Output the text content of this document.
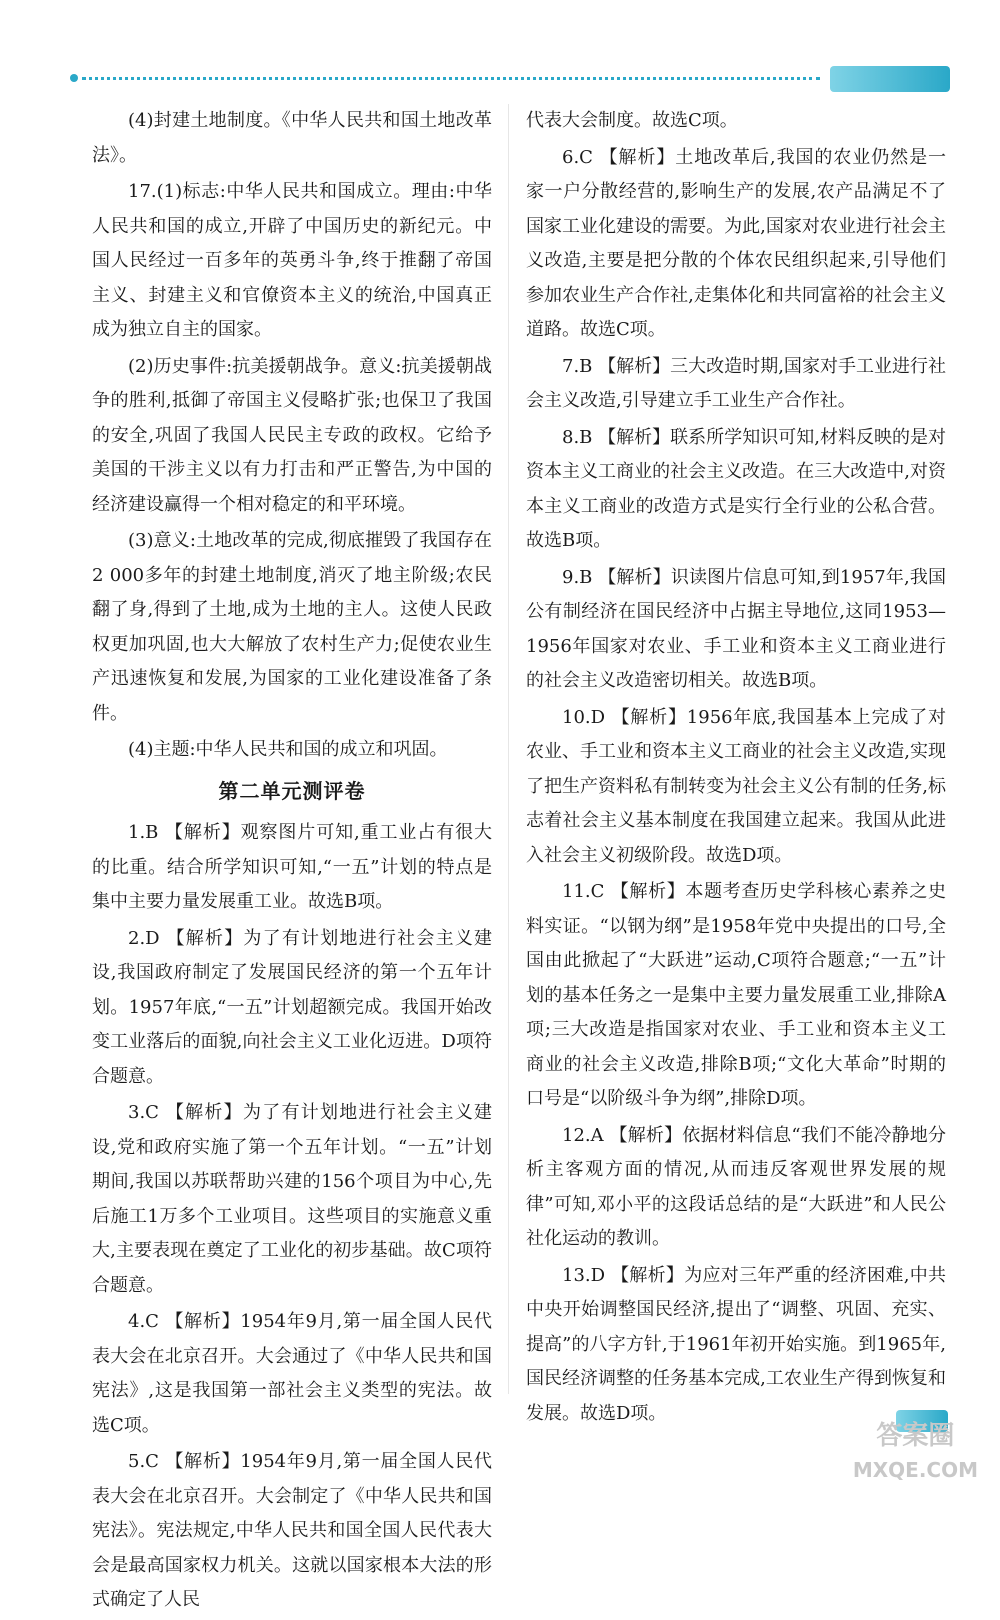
(4)封建土地制度。《中华人民共和国土地改革法》。

17.(1)标志:中华人民共和国成立。理由:中华人民共和国的成立,开辟了中国历史的新纪元。中国人民经过一百多年的英勇斗争,终于推翻了帝国主义、封建主义和官僚资本主义的统治,中国真正成为独立自主的国家。

(2)历史事件:抗美援朝战争。意义:抗美援朝战争的胜利,抵御了帝国主义侵略扩张;也保卫了我国的安全,巩固了我国人民民主专政的政权。它给予美国的干涉主义以有力打击和严正警告,为中国的经济建设赢得一个相对稳定的和平环境。

(3)意义:土地改革的完成,彻底摧毁了我国存在2 000多年的封建土地制度,消灭了地主阶级;农民翻了身,得到了土地,成为土地的主人。这使人民政权更加巩固,也大大解放了农村生产力;促使农业生产迅速恢复和发展,为国家的工业化建设准备了条件。

(4)主题:中华人民共和国的成立和巩固。

第二单元测评卷

1.B 【解析】观察图片可知,重工业占有很大的比重。结合所学知识可知,“一五”计划的特点是集中主要力量发展重工业。故选B项。

2.D 【解析】为了有计划地进行社会主义建设,我国政府制定了发展国民经济的第一个五年计划。1957年底,“一五”计划超额完成。我国开始改变工业落后的面貌,向社会主义工业化迈进。D项符合题意。

3.C 【解析】为了有计划地进行社会主义建设,党和政府实施了第一个五年计划。“一五”计划期间,我国以苏联帮助兴建的156个项目为中心,先后施工1万多个工业项目。这些项目的实施意义重大,主要表现在奠定了工业化的初步基础。故C项符合题意。

4.C 【解析】1954年9月,第一届全国人民代表大会在北京召开。大会通过了《中华人民共和国宪法》,这是我国第一部社会主义类型的宪法。故选C项。

5.C 【解析】1954年9月,第一届全国人民代表大会在北京召开。大会制定了《中华人民共和国宪法》。宪法规定,中华人民共和国全国人民代表大会是最高国家权力机关。这就以国家根本大法的形式确定了人民

代表大会制度。故选C项。

6.C 【解析】土地改革后,我国的农业仍然是一家一户分散经营的,影响生产的发展,农产品满足不了国家工业化建设的需要。为此,国家对农业进行社会主义改造,主要是把分散的个体农民组织起来,引导他们参加农业生产合作社,走集体化和共同富裕的社会主义道路。故选C项。

7.B 【解析】三大改造时期,国家对手工业进行社会主义改造,引导建立手工业生产合作社。

8.B 【解析】联系所学知识可知,材料反映的是对资本主义工商业的社会主义改造。在三大改造中,对资本主义工商业的改造方式是实行全行业的公私合营。故选B项。

9.B 【解析】识读图片信息可知,到1957年,我国公有制经济在国民经济中占据主导地位,这同1953—1956年国家对农业、手工业和资本主义工商业进行的社会主义改造密切相关。故选B项。

10.D 【解析】1956年底,我国基本上完成了对农业、手工业和资本主义工商业的社会主义改造,实现了把生产资料私有制转变为社会主义公有制的任务,标志着社会主义基本制度在我国建立起来。我国从此进入社会主义初级阶段。故选D项。

11.C 【解析】本题考查历史学科核心素养之史料实证。“以钢为纲”是1958年党中央提出的口号,全国由此掀起了“大跃进”运动,C项符合题意;“一五”计划的基本任务之一是集中主要力量发展重工业,排除A项;三大改造是指国家对农业、手工业和资本主义工商业的社会主义改造,排除B项;“文化大革命”时期的口号是“以阶级斗争为纲”,排除D项。

12.A 【解析】依据材料信息“我们不能冷静地分析主客观方面的情况,从而违反客观世界发展的规律”可知,邓小平的这段话总结的是“大跃进”和人民公社化运动的教训。

13.D 【解析】为应对三年严重的经济困难,中共中央开始调整国民经济,提出了“调整、巩固、充实、提高”的八字方针,于1961年初开始实施。到1965年,国民经济调整的任务基本完成,工农业生产得到恢复和发展。故选D项。

答案圈
MXQE.COM
